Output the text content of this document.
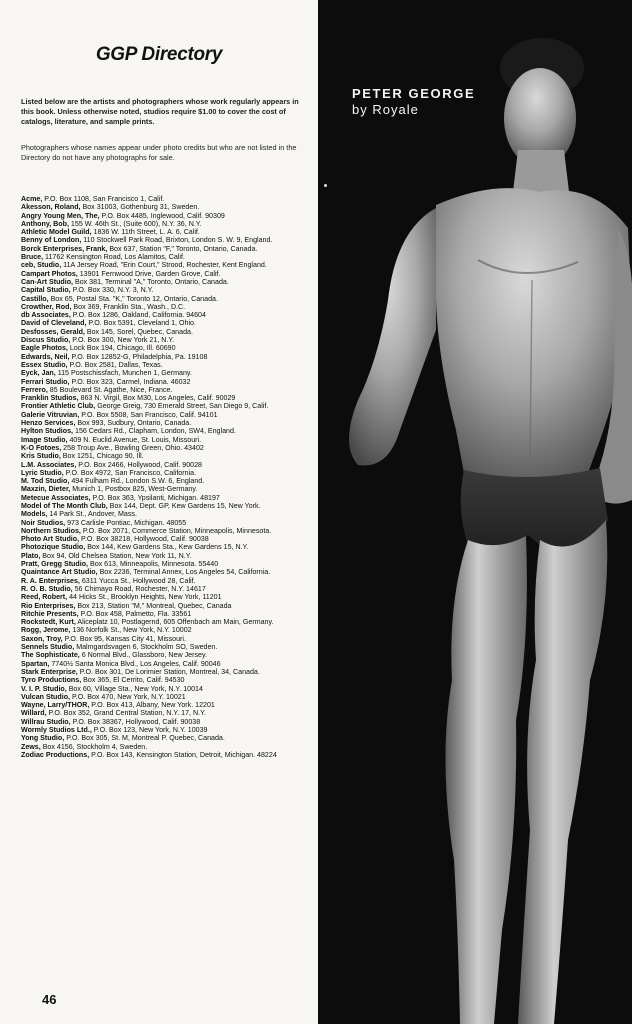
GGP Directory

Listed below are the artists and photographers whose work regularly appears in this book. Unless otherwise noted, studios require $1.00 to cover the cost of catalogs, literature, and sample prints.

Photographers whose names appear under photo credits but who are not listed in the Directory do not have any photographs for sale.

Acme, P.O. Box 1108, San Francisco 1, Calif.
Akesson, Roland, Box 31003, Gothenburg 31, Sweden.
Angry Young Men, The, P.O. Box 4485, Inglewood, Calif. 90309
Anthony, Bob, 155 W. 46th St., (Suite 600), N.Y. 36, N.Y.
Athletic Model Guild, 1836 W. 11th Street, L. A. 6, Calif.
Benny of London, 110 Stockwell Park Road, Brixton, London S. W. 9, England.
Borck Enterprises, Frank, Box 637, Station "F," Toronto, Ontario, Canada.
Bruce, 11762 Kensington Road, Los Alamitos, Calif.
ceb, Studio, 11A Jersey Road, "Erin Court," Strood, Rochester, Kent England.
Campart Photos, 13901 Fernwood Drive, Garden Grove, Calif.
Can-Art Studio, Box 381, Terminal "A," Toronto, Ontario, Canada.
Capital Studio, P.O. Box 330, N.Y. 3, N.Y.
Castillo, Box 65, Postal Sta. "K," Toronto 12, Ontario, Canada.
Crowther, Rod, Box 369, Franklin Sta., Wash., D.C.
db Associates, P.O. Box 1286, Oakland, California. 94604
David of Cleveland, P.O. Box 5391, Cleveland 1, Ohio.
Desfosses, Gerald, Box 145, Sorel, Quebec, Canada.
Discus Studio, P.O. Box 300, New York 21, N.Y.
Eagle Photos, Lock Box 194, Chicago, Ill. 60690
Edwards, Neil, P.O. Box 12852-G, Philadelphia, Pa. 19108
Essex Studio, P.O. Box 2581, Dallas, Texas.
Eyck, Jan, 115 Postschissfach, Munchen 1, Germany.
Ferrari Studio, P.O. Box 323, Carmel, Indiana. 46032
Ferrero, 85 Boulevard St. Agathe, Nice, France.
Franklin Studios, 863 N. Virgil, Box M30, Los Angeles, Calif. 90029
Frontier Athletic Club, George Greig, 730 Emerald Street, San Diego 9, Calif.
Galerie Vitruvian, P.O. Box 5508, San Francisco, Calif. 94101
Henzo Services, Box 993, Sudbury, Ontario, Canada.
Hylton Studios, 156 Cedars Rd., Clapham, London, SW4, England.
Image Studio, 409 N. Euclid Avenue, St. Louis, Missouri.
K-O Fotoes, 258 Troup Ave., Bowling Green, Ohio. 43402
Kris Studio, Box 1251, Chicago 90, Ill.
L.M. Associates, P.O. Box 2466, Hollywood, Calif. 90028
Lyric Studio, P.O. Box 4972, San Francisco, California.
M. Tod Studio, 494 Fulham Rd., London S.W. 6, England.
Maxzin, Dieter, Munich 1, Postbox 825, West-Germany.
Metecue Associates, P.O. Box 363, Ypsilanti, Michigan. 48197
Model of The Month Club, Box 144, Dept. GP, Kew Gardens 15, New York.
Models, 14 Park St., Andover, Mass.
Noir Studios, 973 Carlisle Pontiac, Michigan. 48055
Northern Studios, P.O. Box 2071, Commerce Station, Minneapolis, Minnesota.
Photo Art Studio, P.O. Box 38218, Hollywood, Calif. 90038
Photozique Studio, Box 144, Kew Gardens Sta., Kew Gardens 15, N.Y.
Plato, Box 94, Old Chelsea Station, New York 11, N.Y.
Pratt, Gregg Studio, Box 613, Minneapolis, Minnesota. 55440
Quaintance Art Studio, Box 2236, Terminal Annex, Los Angeles 54, California.
R. A. Enterprises, 6311 Yucca St., Hollywood 28, Calif.
R. O. B. Studio, 56 Chimayo Road, Rochester, N.Y. 14617
Reed, Robert, 44 Hicks St., Brooklyn Heights, New York, 11201
Rio Enterprises, Box 213, Station "M," Montreal, Quebec, Canada
Ritchie Presents, P.O. Box 458, Palmetto, Fla. 33561
Rockstedt, Kurt, Aliceplatz 10, Postlagernd, 605 Offenbach am Main, Germany.
Rogg, Jerome, 136 Norfolk St., New York, N.Y. 10002
Saxon, Troy, P.O. Box 95, Kansas City 41, Missouri.
Sennels Studio, Malmgardsvagen 6, Stockholm SO, Sweden.
The Sophisticate, 6 Normal Blvd., Glassboro, New Jersey.
Spartan, 7740½ Santa Monica Blvd., Los Angeles, Calif. 90046
Stark Enterprise, P.O. Box 301, De Lorimier Station, Montreal, 34, Canada.
Tyro Productions, Box 365, El Cerrito, Calif. 94530
V. I. P. Studio, Box 60, Village Sta., New York, N.Y. 10014
Vulcan Studio, P.O. Box 470, New York, N.Y. 10021
Wayne, Larry/THOR, P.O. Box 413, Albany, New York. 12201
Willard, P.O. Box 352, Grand Central Station, N.Y. 17, N.Y.
Willrau Studio, P.O. Box 38367, Hollywood, Calif. 90038
Wormly Studios Ltd., P.O. Box 123, New York, N.Y. 10039
Yong Studio, P.O. Box 305, St. M, Montreal P. Quebec, Canada.
Zews, Box 4156, Stockholm 4, Sweden.
Zodiac Productions, P.O. Box 143, Kensington Station, Detroit, Michigan. 48224
46
PETER GEORGE
by Royale
